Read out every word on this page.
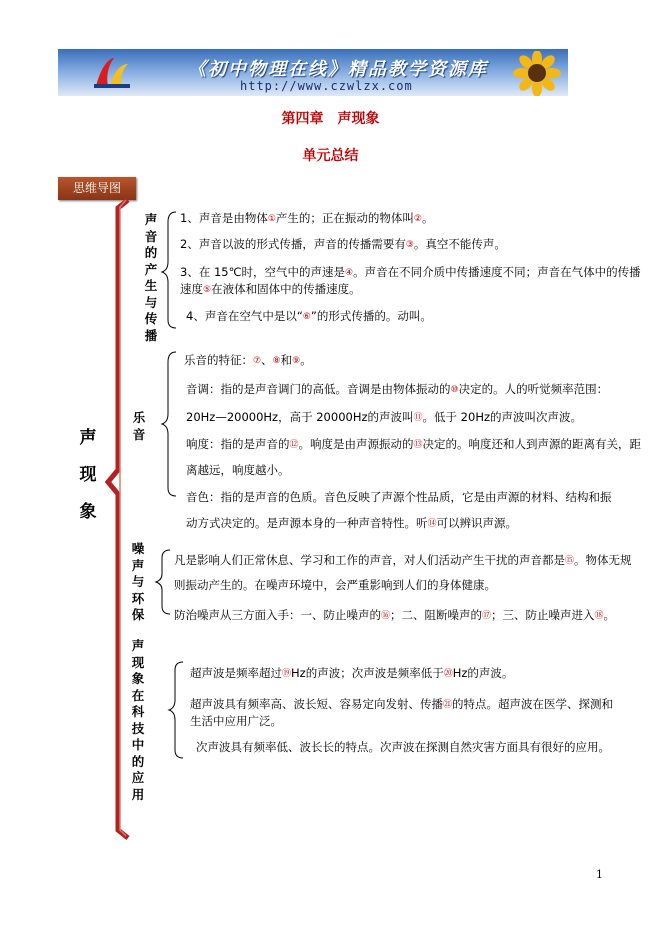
《初中物理在线》精品教学资源库
http://www.czwlzx.com
第四章　声现象
单元总结
思维导图
声
现
象
声
音
的
产
生
与
传
播
乐
音
噪
声
与
环
保
声
现
象
在
科
技
中
的
应
用
1、声音是由物体①产生的；正在振动的物体叫②。
2、声音以波的形式传播，声音的传播需要有③。真空不能传声。
3、在 15℃时，空气中的声速是④。声音在不同介质中传播速度不同；声音在气体中的传播
速度⑤在液体和固体中的传播速度。
4、声音在空气中是以“⑥”的形式传播的。动叫。
乐音的特征：⑦、⑧和⑨。
音调：指的是声音调门的高低。音调是由物体振动的⑩决定的。人的听觉频率范围：
20Hz—20000Hz，高于 20000Hz的声波叫⑪。低于 20Hz的声波叫次声波。
响度：指的是声音的⑫。响度是由声源振动的⑬决定的。响度还和人到声源的距离有关，距
离越远，响度越小。
音色：指的是声音的色质。音色反映了声源个性品质，它是由声源的材料、结构和振
动方式决定的。是声源本身的一种声音特性。听⑭可以辨识声源。
凡是影响人们正常休息、学习和工作的声音，对人们活动产生干扰的声音都是⑮。物体无规
则振动产生的。在噪声环境中，会严重影响到人们的身体健康。
防治噪声从三方面入手：一、防止噪声的⑯；二、阻断噪声的⑰；三、防止噪声进入⑱。
超声波是频率超过⑲Hz的声波；次声波是频率低于⑳Hz的声波。
超声波具有频率高、波长短、容易定向发射、传播㉑的特点。超声波在医学、探测和
生活中应用广泛。
次声波具有频率低、波长长的特点。次声波在探测自然灾害方面具有很好的应用。
1
